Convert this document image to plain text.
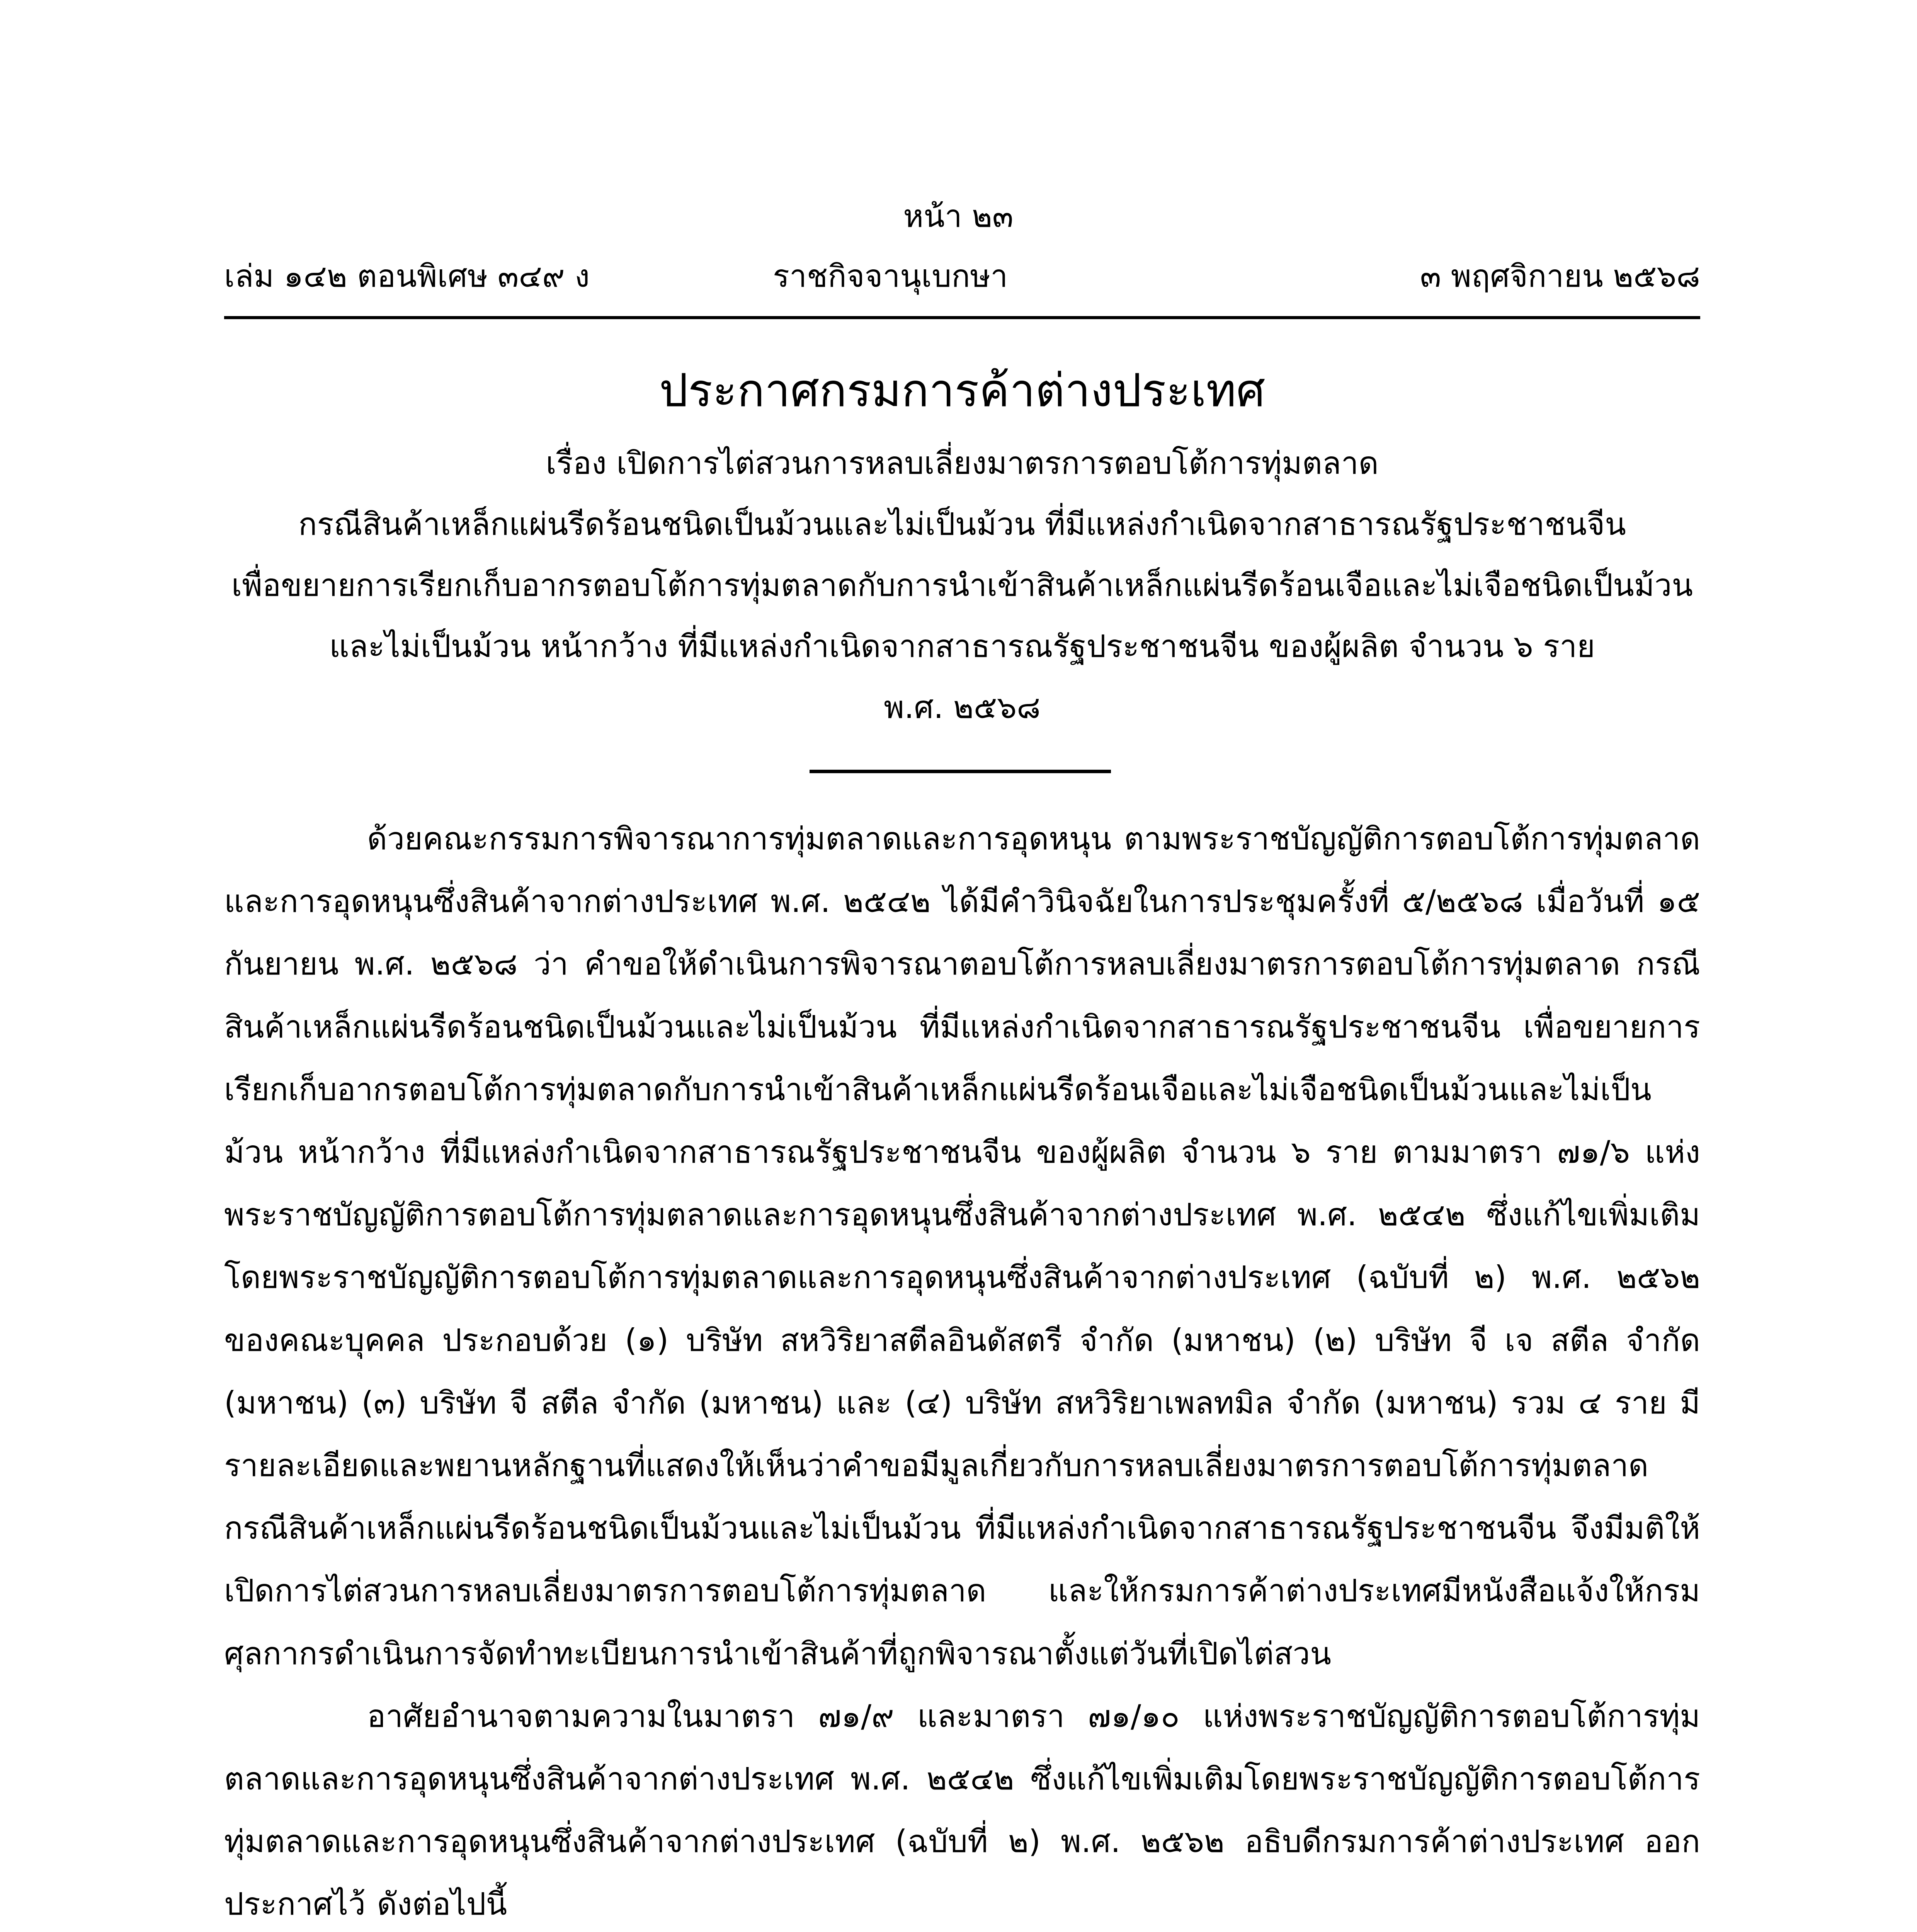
หน้า ๒๓
เล่ม ๑๔๒ ตอนพิเศษ ๓๔๙ ง	ราชกิจจานุเบกษา	๓ พฤศจิกายน ๒๕๖๘
ประกาศกรมการค้าต่างประเทศ
เรื่อง เปิดการไต่สวนการหลบเลี่ยงมาตรการตอบโต้การทุ่มตลาด
กรณีสินค้าเหล็กแผ่นรีดร้อนชนิดเป็นม้วนและไม่เป็นม้วน ที่มีแหล่งกำเนิดจากสาธารณรัฐประชาชนจีน
เพื่อขยายการเรียกเก็บอากรตอบโต้การทุ่มตลาดกับการนำเข้าสินค้าเหล็กแผ่นรีดร้อนเจือและไม่เจือชนิดเป็นม้วน
และไม่เป็นม้วน หน้ากว้าง ที่มีแหล่งกำเนิดจากสาธารณรัฐประชาชนจีน ของผู้ผลิต จำนวน ๖ ราย
พ.ศ. ๒๕๖๘

ด้วยคณะกรรมการพิจารณาการทุ่มตลาดและการอุดหนุน ตามพระราชบัญญัติการตอบโต้การทุ่มตลาดและการอุดหนุนซึ่งสินค้าจากต่างประเทศ พ.ศ. ๒๕๔๒ ได้มีคำวินิจฉัยในการประชุมครั้งที่ ๕/๒๕๖๘ เมื่อวันที่ ๑๕ กันยายน พ.ศ. ๒๕๖๘ ว่า คำขอให้ดำเนินการพิจารณาตอบโต้การหลบเลี่ยงมาตรการตอบโต้การทุ่มตลาด กรณีสินค้าเหล็กแผ่นรีดร้อนชนิดเป็นม้วนและไม่เป็นม้วน ที่มีแหล่งกำเนิดจากสาธารณรัฐประชาชนจีน เพื่อขยายการเรียกเก็บอากรตอบโต้การทุ่มตลาดกับการนำเข้าสินค้าเหล็กแผ่นรีดร้อนเจือและไม่เจือชนิดเป็นม้วนและไม่เป็นม้วน หน้ากว้าง ที่มีแหล่งกำเนิดจากสาธารณรัฐประชาชนจีน ของผู้ผลิต จำนวน ๖ ราย ตามมาตรา ๗๑/๖ แห่งพระราชบัญญัติการตอบโต้การทุ่มตลาดและการอุดหนุนซึ่งสินค้าจากต่างประเทศ พ.ศ. ๒๕๔๒ ซึ่งแก้ไขเพิ่มเติมโดยพระราชบัญญัติการตอบโต้การทุ่มตลาดและการอุดหนุนซึ่งสินค้าจากต่างประเทศ (ฉบับที่ ๒) พ.ศ. ๒๕๖๒ ของคณะบุคคล ประกอบด้วย (๑) บริษัท สหวิริยาสตีลอินดัสตรี จำกัด (มหาชน) (๒) บริษัท จี เจ สตีล จำกัด (มหาชน) (๓) บริษัท จี สตีล จำกัด (มหาชน) และ (๔) บริษัท สหวิริยาเพลทมิล จำกัด (มหาชน) รวม ๔ ราย มีรายละเอียดและพยานหลักฐานที่แสดงให้เห็นว่าคำขอมีมูลเกี่ยวกับการหลบเลี่ยงมาตรการตอบโต้การทุ่มตลาดกรณีสินค้าเหล็กแผ่นรีดร้อนชนิดเป็นม้วนและไม่เป็นม้วน ที่มีแหล่งกำเนิดจากสาธารณรัฐประชาชนจีน จึงมีมติให้เปิดการไต่สวนการหลบเลี่ยงมาตรการตอบโต้การทุ่มตลาด และให้กรมการค้าต่างประเทศมีหนังสือแจ้งให้กรมศุลกากรดำเนินการจัดทำทะเบียนการนำเข้าสินค้าที่ถูกพิจารณาตั้งแต่วันที่เปิดไต่สวน

อาศัยอำนาจตามความในมาตรา ๗๑/๙ และมาตรา ๗๑/๑๐ แห่งพระราชบัญญัติการตอบโต้การทุ่มตลาดและการอุดหนุนซึ่งสินค้าจากต่างประเทศ พ.ศ. ๒๕๔๒ ซึ่งแก้ไขเพิ่มเติมโดยพระราชบัญญัติการตอบโต้การทุ่มตลาดและการอุดหนุนซึ่งสินค้าจากต่างประเทศ (ฉบับที่ ๒) พ.ศ. ๒๕๖๒ อธิบดีกรมการค้าต่างประเทศ ออกประกาศไว้ ดังต่อไปนี้
